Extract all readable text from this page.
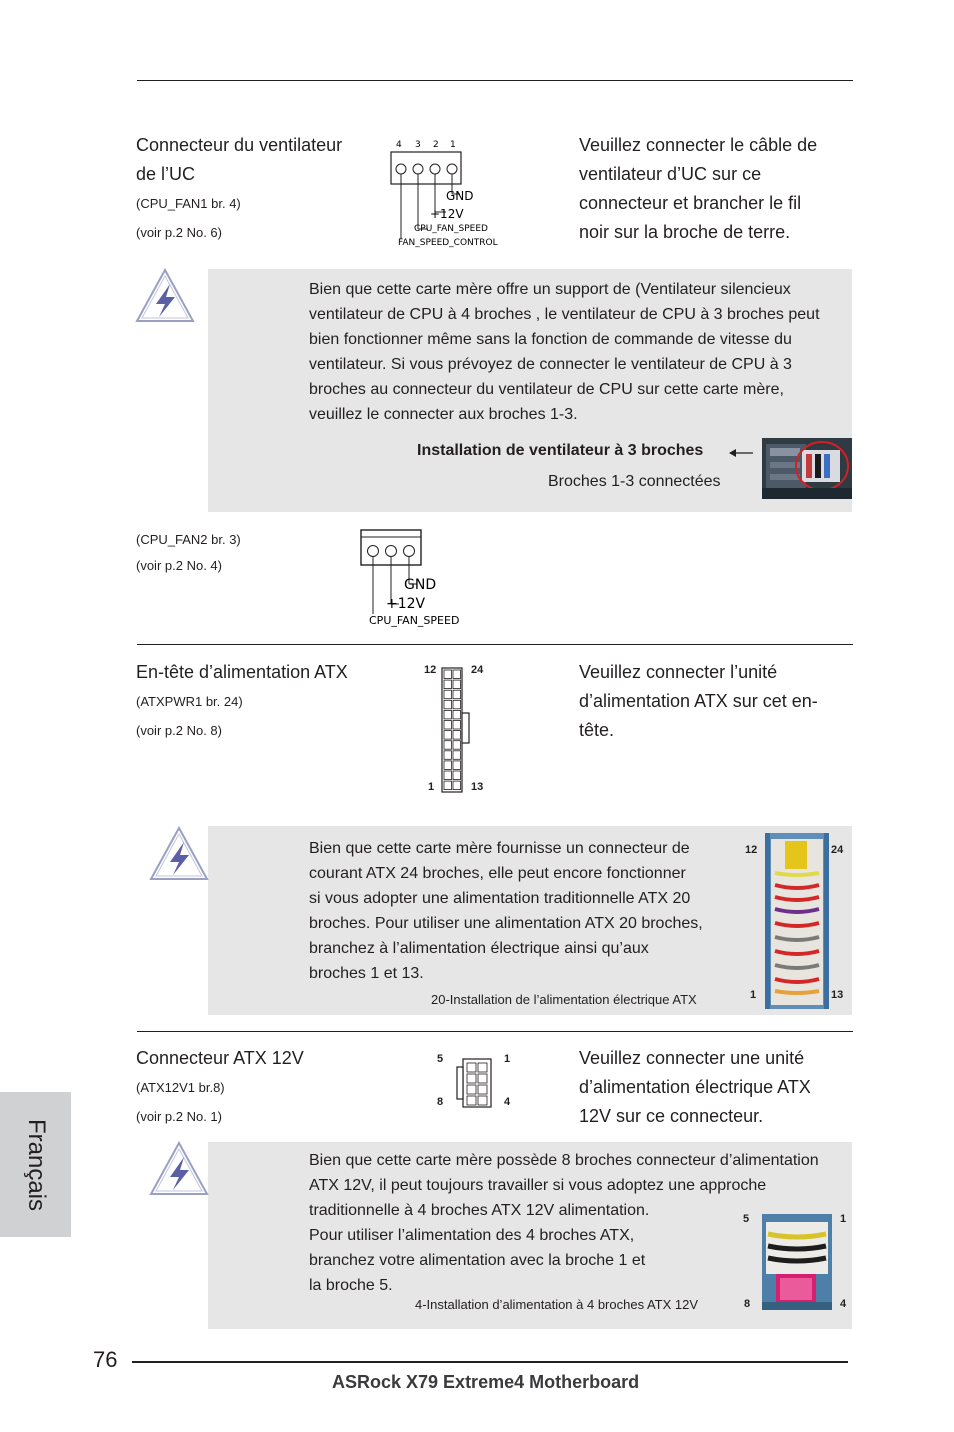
Connecteur du ventilateur
de l’UC
(CPU_FAN1 br. 4)
(voir p.2 No. 6)
4 3 2 1
GND
+12V
CPU_FAN_SPEED
FAN_SPEED_CONTROL
Veuillez connecter le câble de
ventilateur d’UC sur ce
connecteur et brancher le fil
noir sur la broche de terre.
Bien que cette carte mère offre un support de (Ventilateur silencieux
ventilateur de CPU à 4 broches , le ventilateur de CPU à 3 broches peut
bien fonctionner même sans la fonction de commande de vitesse du
ventilateur. Si vous prévoyez de connecter le ventilateur de CPU à 3
broches au connecteur du ventilateur de CPU sur cette carte mère,
veuillez le connecter aux broches 1-3.
Installation de ventilateur à 3 broches
Broches 1-3 connectées
(CPU_FAN2 br. 3)
(voir p.2 No. 4)
GND
+12V
CPU_FAN_SPEED
En-tête d’alimentation ATX
(ATXPWR1 br. 24)
(voir p.2 No. 8)
12	24
1	13
Veuillez connecter l’unité
d’alimentation ATX sur cet en-
tête.
Bien que cette carte mère fournisse un connecteur de
courant ATX 24 broches, elle peut encore fonctionner
si vous adopter une alimentation traditionnelle ATX 20
broches. Pour utiliser une alimentation ATX 20 broches,
branchez à l’alimentation électrique ainsi qu’aux
broches 1 et 13.
20-Installation de l’alimentation électrique ATX
12	24
1	13
Connecteur ATX 12V
(ATX12V1 br.8)
(voir p.2 No. 1)
5	1
8	4
Veuillez connecter une unité
d’alimentation électrique ATX
12V sur ce connecteur.
Bien que cette carte mère possède 8 broches connecteur d’alimentation
ATX 12V, il peut toujours travailler si vous adoptez une approche
traditionnelle à 4 broches ATX 12V alimentation.
Pour utiliser l’alimentation des 4 broches ATX,
branchez votre alimentation avec la broche 1 et
la broche 5.
4-Installation d’alimentation à 4 broches ATX 12V
5	1
8	4
Français
76
ASRock X79 Extreme4 Motherboard
